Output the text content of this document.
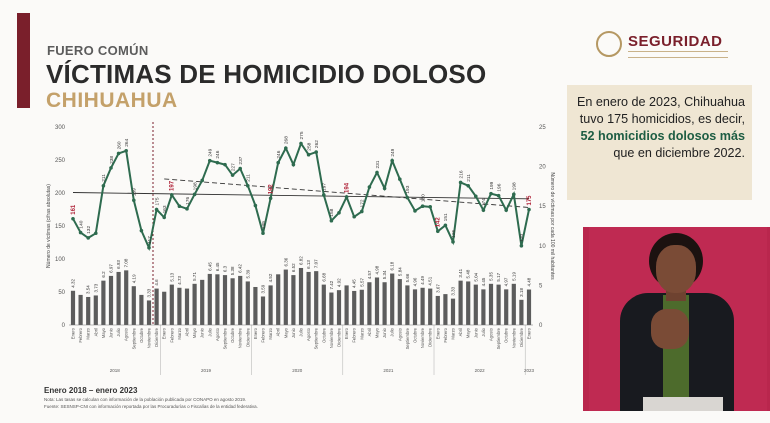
FUERO COMÚN
VÍCTIMAS DE HOMICIDIO DOLOSO
CHIHUAHUA
SEGURIDAD
En enero de 2023, Chihuahua tuvo 175 homicidios, es decir, 52 homicidios dolosos más que en diciembre 2022.
0
50
100
150
200
250
300
0
5
10
15
20
25
Número de víctimas (cifras absolutas)	Número de víctimas por cada 100 mil habitantes
4.32
3.54 3.73
6.2
6.97 6.93 7.08
4.19
3.33
4.6
5.13 4.73 5.71
6.45 6.45 6.3 5.38 6.42
5.39
3.59
4.52
6.36
6.52
6.82 6.13 7.07
6.68
7.42 4.92 4.45 5.57
4.57
4.98
5.34
6.18
5.84
5.66 4.96 4.49 4.51
3.67 3.33
3.41 5.48 5.04
4.45
5.35 5.17
4.97
5.19
3.18
4.48
161
140
132
211
238
260 264
189
117
175
163
197
176
198
249 246
227
237
211
139
192
246
268
275
258 262
197
158
194
172
231
249
193
180
142 151
126
216 211
174
199 196 198
120
175
Enero Febrero Marzo Abril Mayo Junio Julio Agosto Septiembre Octubre Noviembre Diciembre Enero Febrero Marzo Abril Mayo Junio Julio Agosto Septiembre Octubre Noviembre Diciembre Enero Febrero Marzo Abril Mayo Junio Julio Agosto Septiembre Octubre Noviembre Diciembre Enero Febrero Marzo Abril Mayo Junio Julio Agosto Septiembre Octubre Noviembre Diciembre Enero Febrero Marzo Abril Mayo Junio Julio Agosto Septiembre Octubre Noviembre Diciembre Enero
2018	2019	2020	2021	2022	2023
Enero 2018 – enero 2023
Nota: Las tasas se calculan con información de la población publicada por CONAPO en agosto 2019.
Fuente: SESNSP-CNI con información reportada por las Procuradurías o Fiscalías de la entidad federativa.
